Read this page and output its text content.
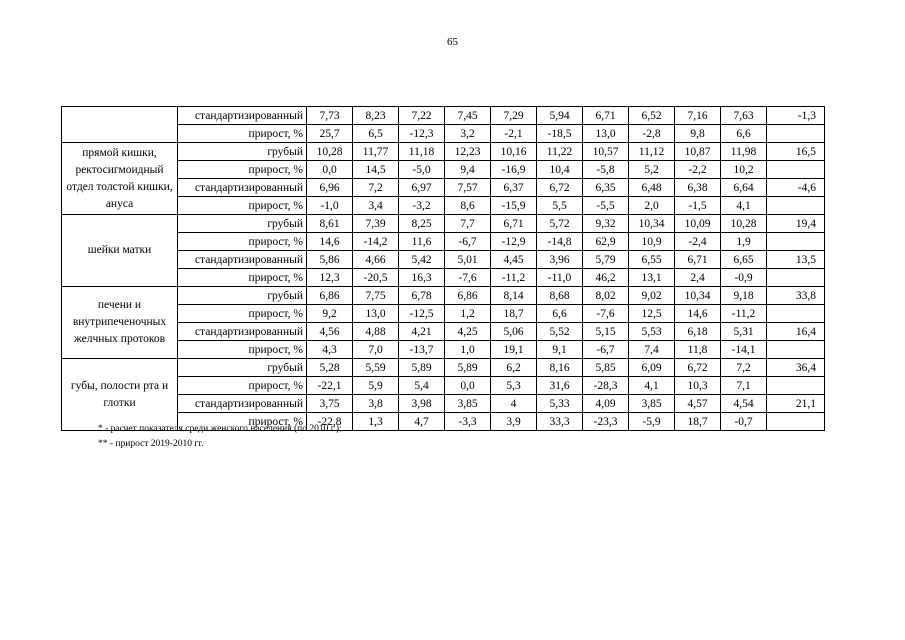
65
	стандартизированный	7,73	8,23	7,22	7,45	7,29	5,94	6,71	6,52	7,16	7,63	-1,3
	прирост, %	25,7	6,5	-12,3	3,2	-2,1	-18,5	13,0	-2,8	9,8	6,6	
прямой кишки, ректосигмоидный отдел толстой кишки, ануса	грубый	10,28	11,77	11,18	12,23	10,16	11,22	10,57	11,12	10,87	11,98	16,5
	прирост, %	0,0	14,5	-5,0	9,4	-16,9	10,4	-5,8	5,2	-2,2	10,2	
	стандартизированный	6,96	7,2	6,97	7,57	6,37	6,72	6,35	6,48	6,38	6,64	-4,6
	прирост, %	-1,0	3,4	-3,2	8,6	-15,9	5,5	-5,5	2,0	-1,5	4,1	
шейки матки	грубый	8,61	7,39	8,25	7,7	6,71	5,72	9,32	10,34	10,09	10,28	19,4
	прирост, %	14,6	-14,2	11,6	-6,7	-12,9	-14,8	62,9	10,9	-2,4	1,9	
	стандартизированный	5,86	4,66	5,42	5,01	4,45	3,96	5,79	6,55	6,71	6,65	13,5
	прирост, %	12,3	-20,5	16,3	-7,6	-11,2	-11,0	46,2	13,1	2,4	-0,9	
печени и внутрипеченочных желчных протоков	грубый	6,86	7,75	6,78	6,86	8,14	8,68	8,02	9,02	10,34	9,18	33,8
	прирост, %	9,2	13,0	-12,5	1,2	18,7	6,6	-7,6	12,5	14,6	-11,2	
	стандартизированный	4,56	4,88	4,21	4,25	5,06	5,52	5,15	5,53	6,18	5,31	16,4
	прирост, %	4,3	7,0	-13,7	1,0	19,1	9,1	-6,7	7,4	11,8	-14,1	
губы, полости рта и глотки	грубый	5,28	5,59	5,89	5,89	6,2	8,16	5,85	6,09	6,72	7,2	36,4
	прирост, %	-22,1	5,9	5,4	0,0	5,3	31,6	-28,3	4,1	10,3	7,1	
	стандартизированный	3,75	3,8	3,98	3,85	4	5,33	4,09	3,85	4,57	4,54	21,1
	прирост, %	-22,8	1,3	4,7	-3,3	3,9	33,3	-23,3	-5,9	18,7	-0,7	
* - расчет показателя среди женского населения (по 2010 г.);
** - прирост 2019-2010 гг.
